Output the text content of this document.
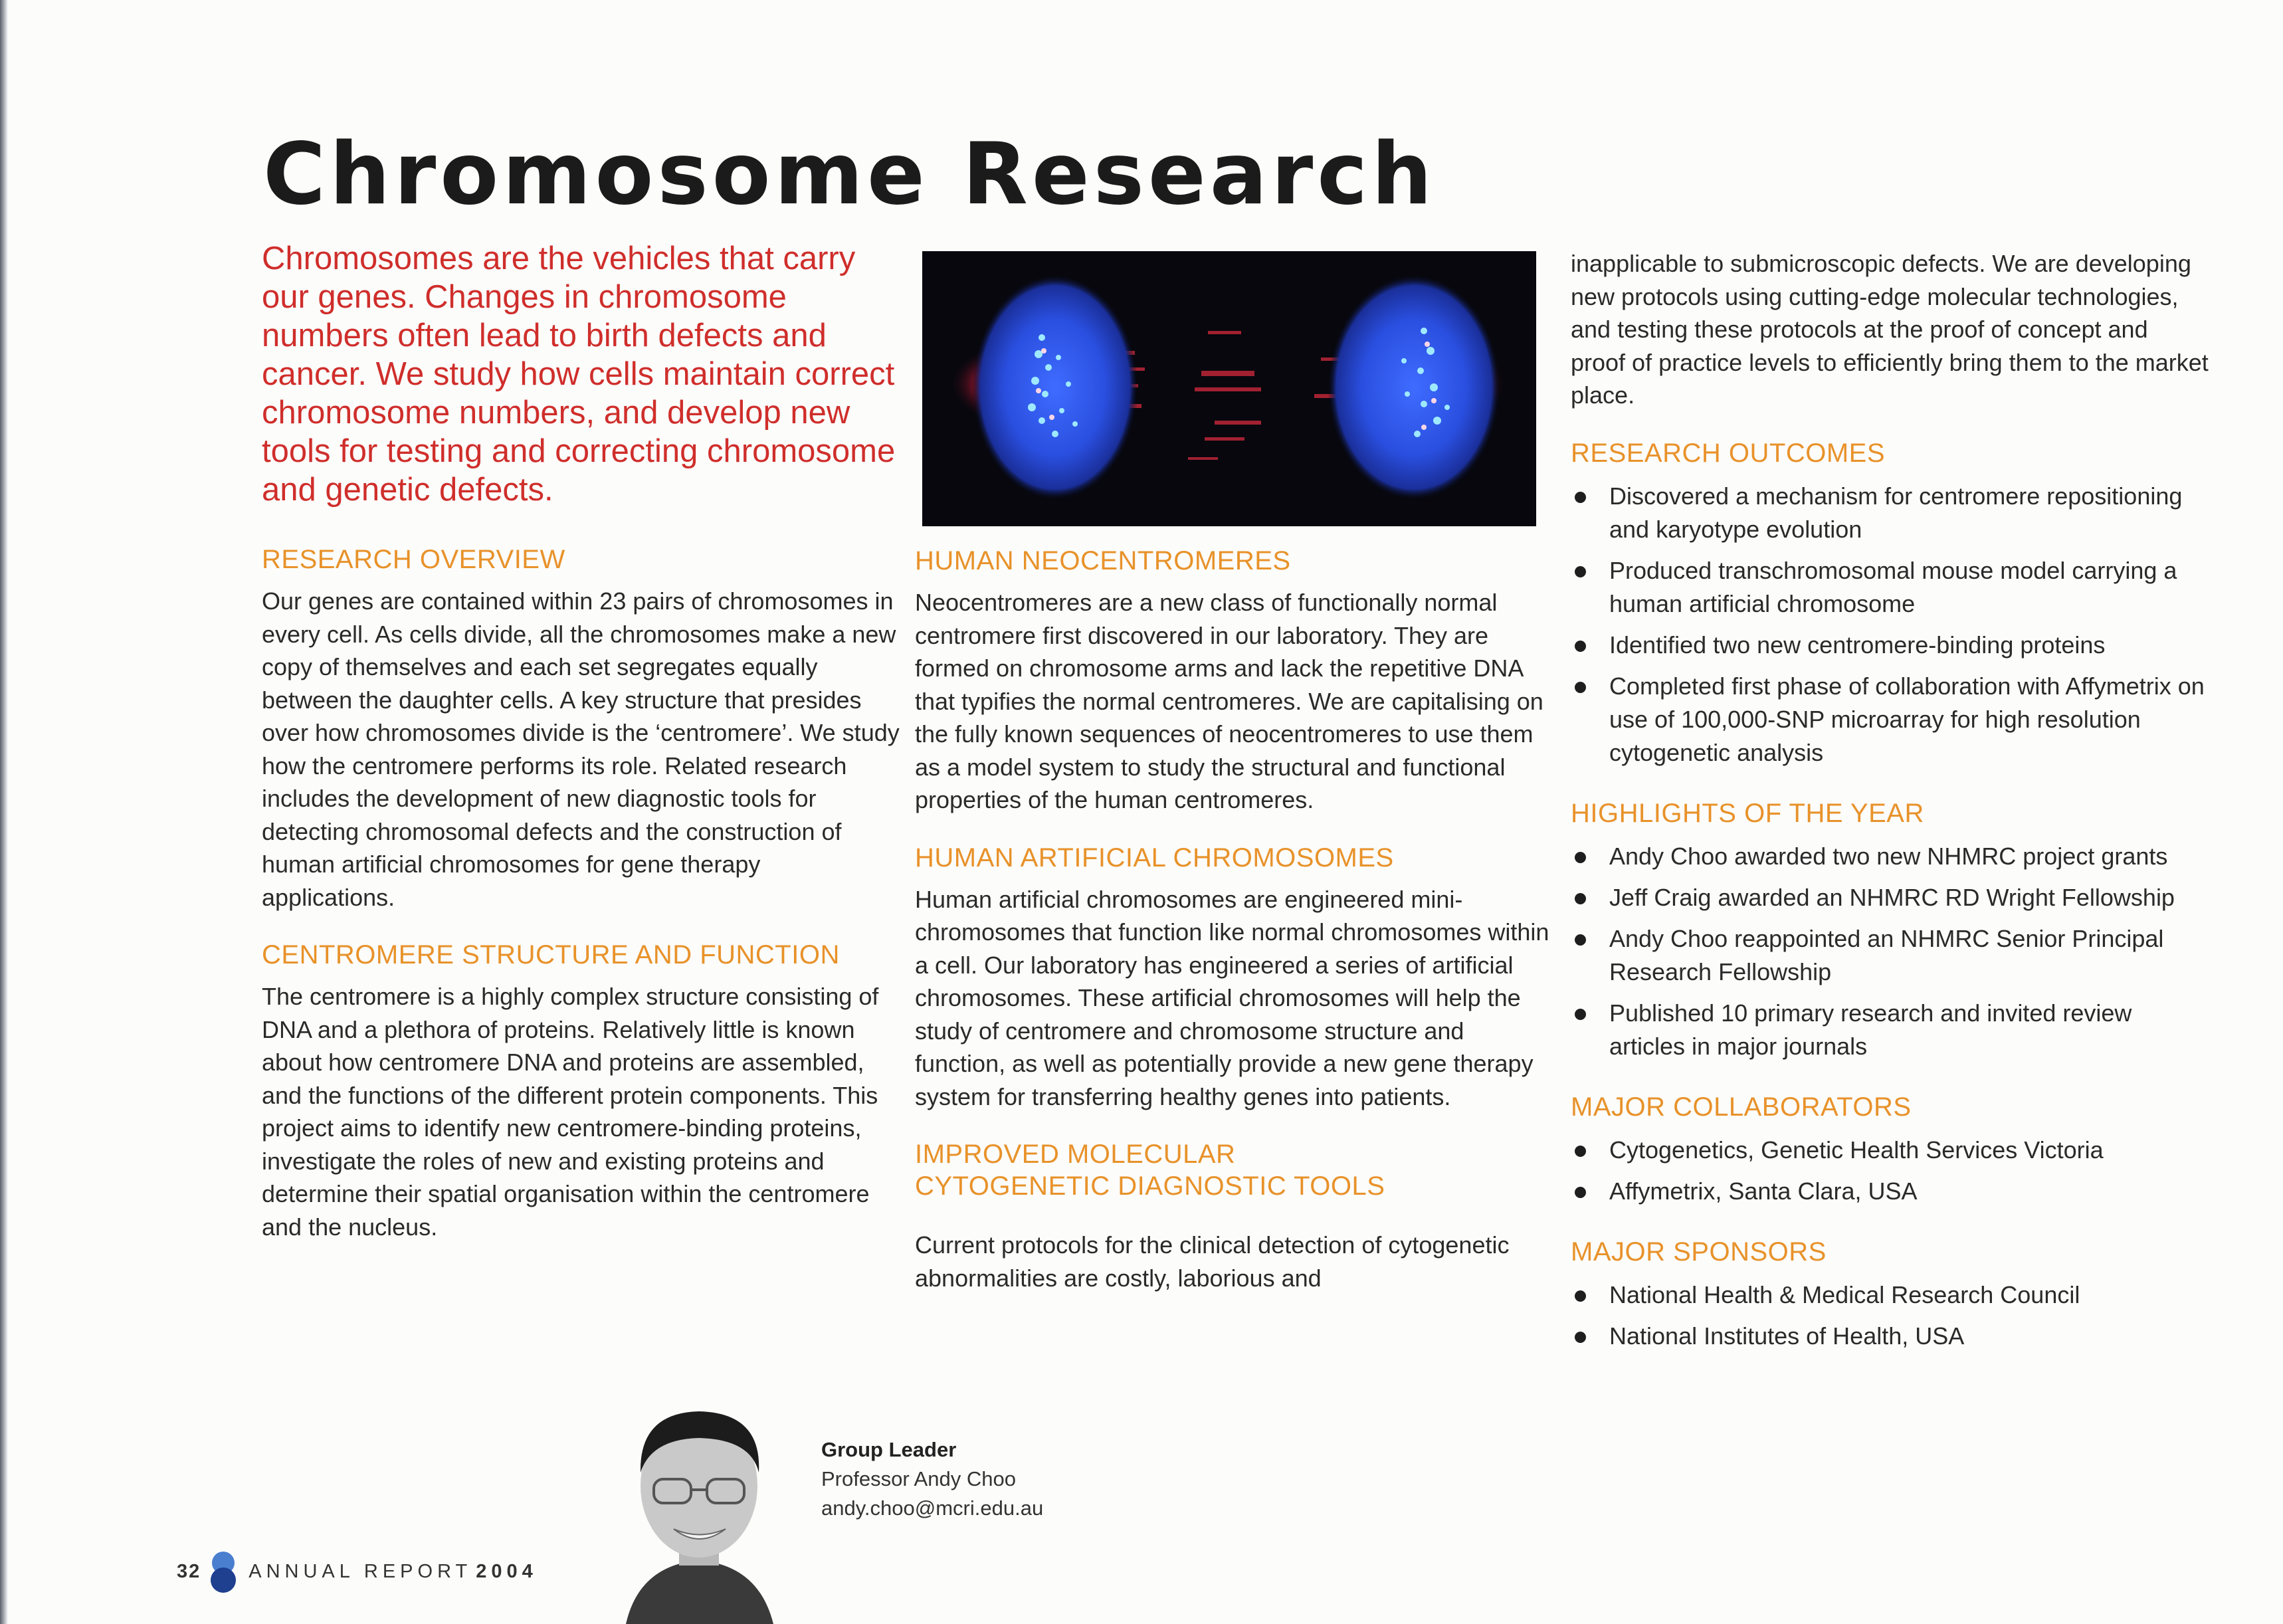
Chromosome Research

Chromosomes are the vehicles that carry our genes. Changes in chromosome numbers often lead to birth defects and cancer. We study how cells maintain correct chromosome numbers, and develop new tools for testing and correcting chromosome and genetic defects.

RESEARCH OVERVIEW

Our genes are contained within 23 pairs of chromosomes in every cell. As cells divide, all the chromosomes make a new copy of themselves and each set segregates equally between the daughter cells. A key structure that presides over how chromosomes divide is the ‘centromere’. We study how the centromere performs its role. Related research includes the development of new diagnostic tools for detecting chromosomal defects and the construction of human artificial chromosomes for gene therapy applications.

CENTROMERE STRUCTURE AND FUNCTION

The centromere is a highly complex structure consisting of DNA and a plethora of proteins. Relatively little is known about how centromere DNA and proteins are assembled, and the functions of the different protein components. This project aims to identify new centromere-binding proteins, investigate the roles of new and existing proteins and determine their spatial organisation within the centromere and the nucleus.

HUMAN NEOCENTROMERES

Neocentromeres are a new class of functionally normal centromere first discovered in our laboratory. They are formed on chromosome arms and lack the repetitive DNA that typifies the normal centromeres. We are capitalising on the fully known sequences of neocentromeres to use them as a model system to study the structural and functional properties of the human centromeres.

HUMAN ARTIFICIAL CHROMOSOMES

Human artificial chromosomes are engineered mini-chromosomes that function like normal chromosomes within a cell. Our laboratory has engineered a series of artificial chromosomes. These artificial chromosomes will help the study of centromere and chromosome structure and function, as well as potentially provide a new gene therapy system for transferring healthy genes into patients.

IMPROVED MOLECULAR CYTOGENETIC DIAGNOSTIC TOOLS

Current protocols for the clinical detection of cytogenetic abnormalities are costly, laborious and

inapplicable to submicroscopic defects. We are developing new protocols using cutting-edge molecular technologies, and testing these protocols at the proof of concept and proof of practice levels to efficiently bring them to the market place.

RESEARCH OUTCOMES
Discovered a mechanism for centromere repositioning and karyotype evolution
Produced transchromosomal mouse model carrying a human artificial chromosome
Identified two new centromere-binding proteins
Completed first phase of collaboration with Affymetrix on use of 100,000-SNP microarray for high resolution cytogenetic analysis
HIGHLIGHTS OF THE YEAR
Andy Choo awarded two new NHMRC project grants
Jeff Craig awarded an NHMRC RD Wright Fellowship
Andy Choo reappointed an NHMRC Senior Principal Research Fellowship
Published 10 primary research and invited review articles in major journals
MAJOR COLLABORATORS
Cytogenetics, Genetic Health Services Victoria
Affymetrix, Santa Clara, USA
MAJOR SPONSORS
National Health & Medical Research Council
National Institutes of Health, USA
Group Leader
Professor Andy Choo
andy.choo@mcri.edu.au
32 ANNUAL REPORT 2004
